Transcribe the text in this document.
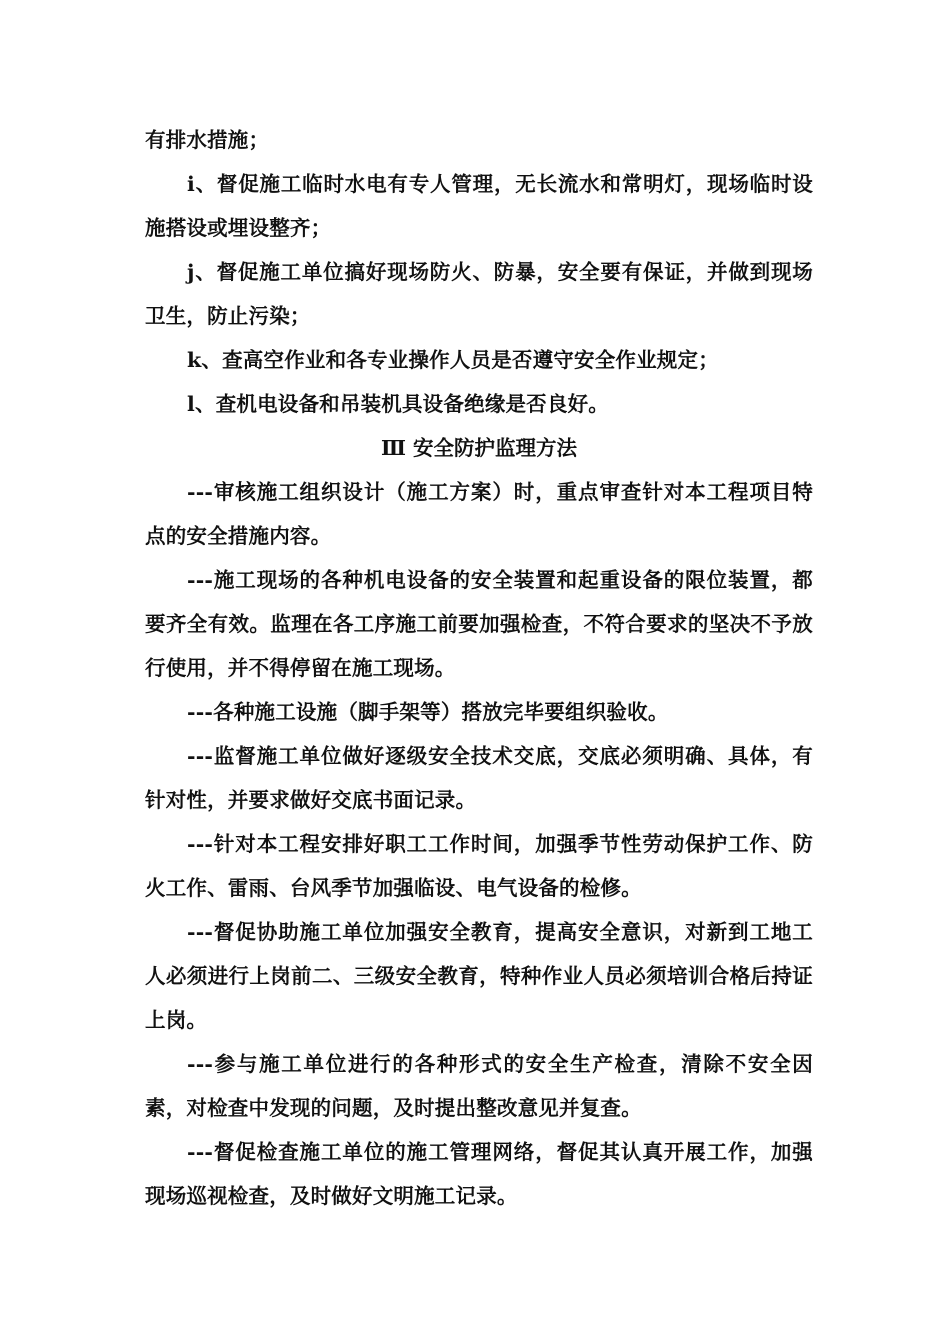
有排水措施；

i、督促施工临时水电有专人管理，无长流水和常明灯，现场临时设施搭设或埋设整齐；

j、督促施工单位搞好现场防火、防暴，安全要有保证，并做到现场卫生，防止污染；

k、查高空作业和各专业操作人员是否遵守安全作业规定；

l、查机电设备和吊装机具设备绝缘是否良好。

Ⅲ 安全防护监理方法

---审核施工组织设计（施工方案）时，重点审查针对本工程项目特点的安全措施内容。

---施工现场的各种机电设备的安全装置和起重设备的限位装置，都要齐全有效。监理在各工序施工前要加强检查，不符合要求的坚决不予放行使用，并不得停留在施工现场。

---各种施工设施（脚手架等）搭放完毕要组织验收。

---监督施工单位做好逐级安全技术交底，交底必须明确、具体，有针对性，并要求做好交底书面记录。

---针对本工程安排好职工工作时间，加强季节性劳动保护工作、防火工作、雷雨、台风季节加强临设、电气设备的检修。

---督促协助施工单位加强安全教育，提高安全意识，对新到工地工人必须进行上岗前二、三级安全教育，特种作业人员必须培训合格后持证上岗。

---参与施工单位进行的各种形式的安全生产检查，清除不安全因素，对检查中发现的问题，及时提出整改意见并复查。

---督促检查施工单位的施工管理网络，督促其认真开展工作，加强现场巡视检查，及时做好文明施工记录。
